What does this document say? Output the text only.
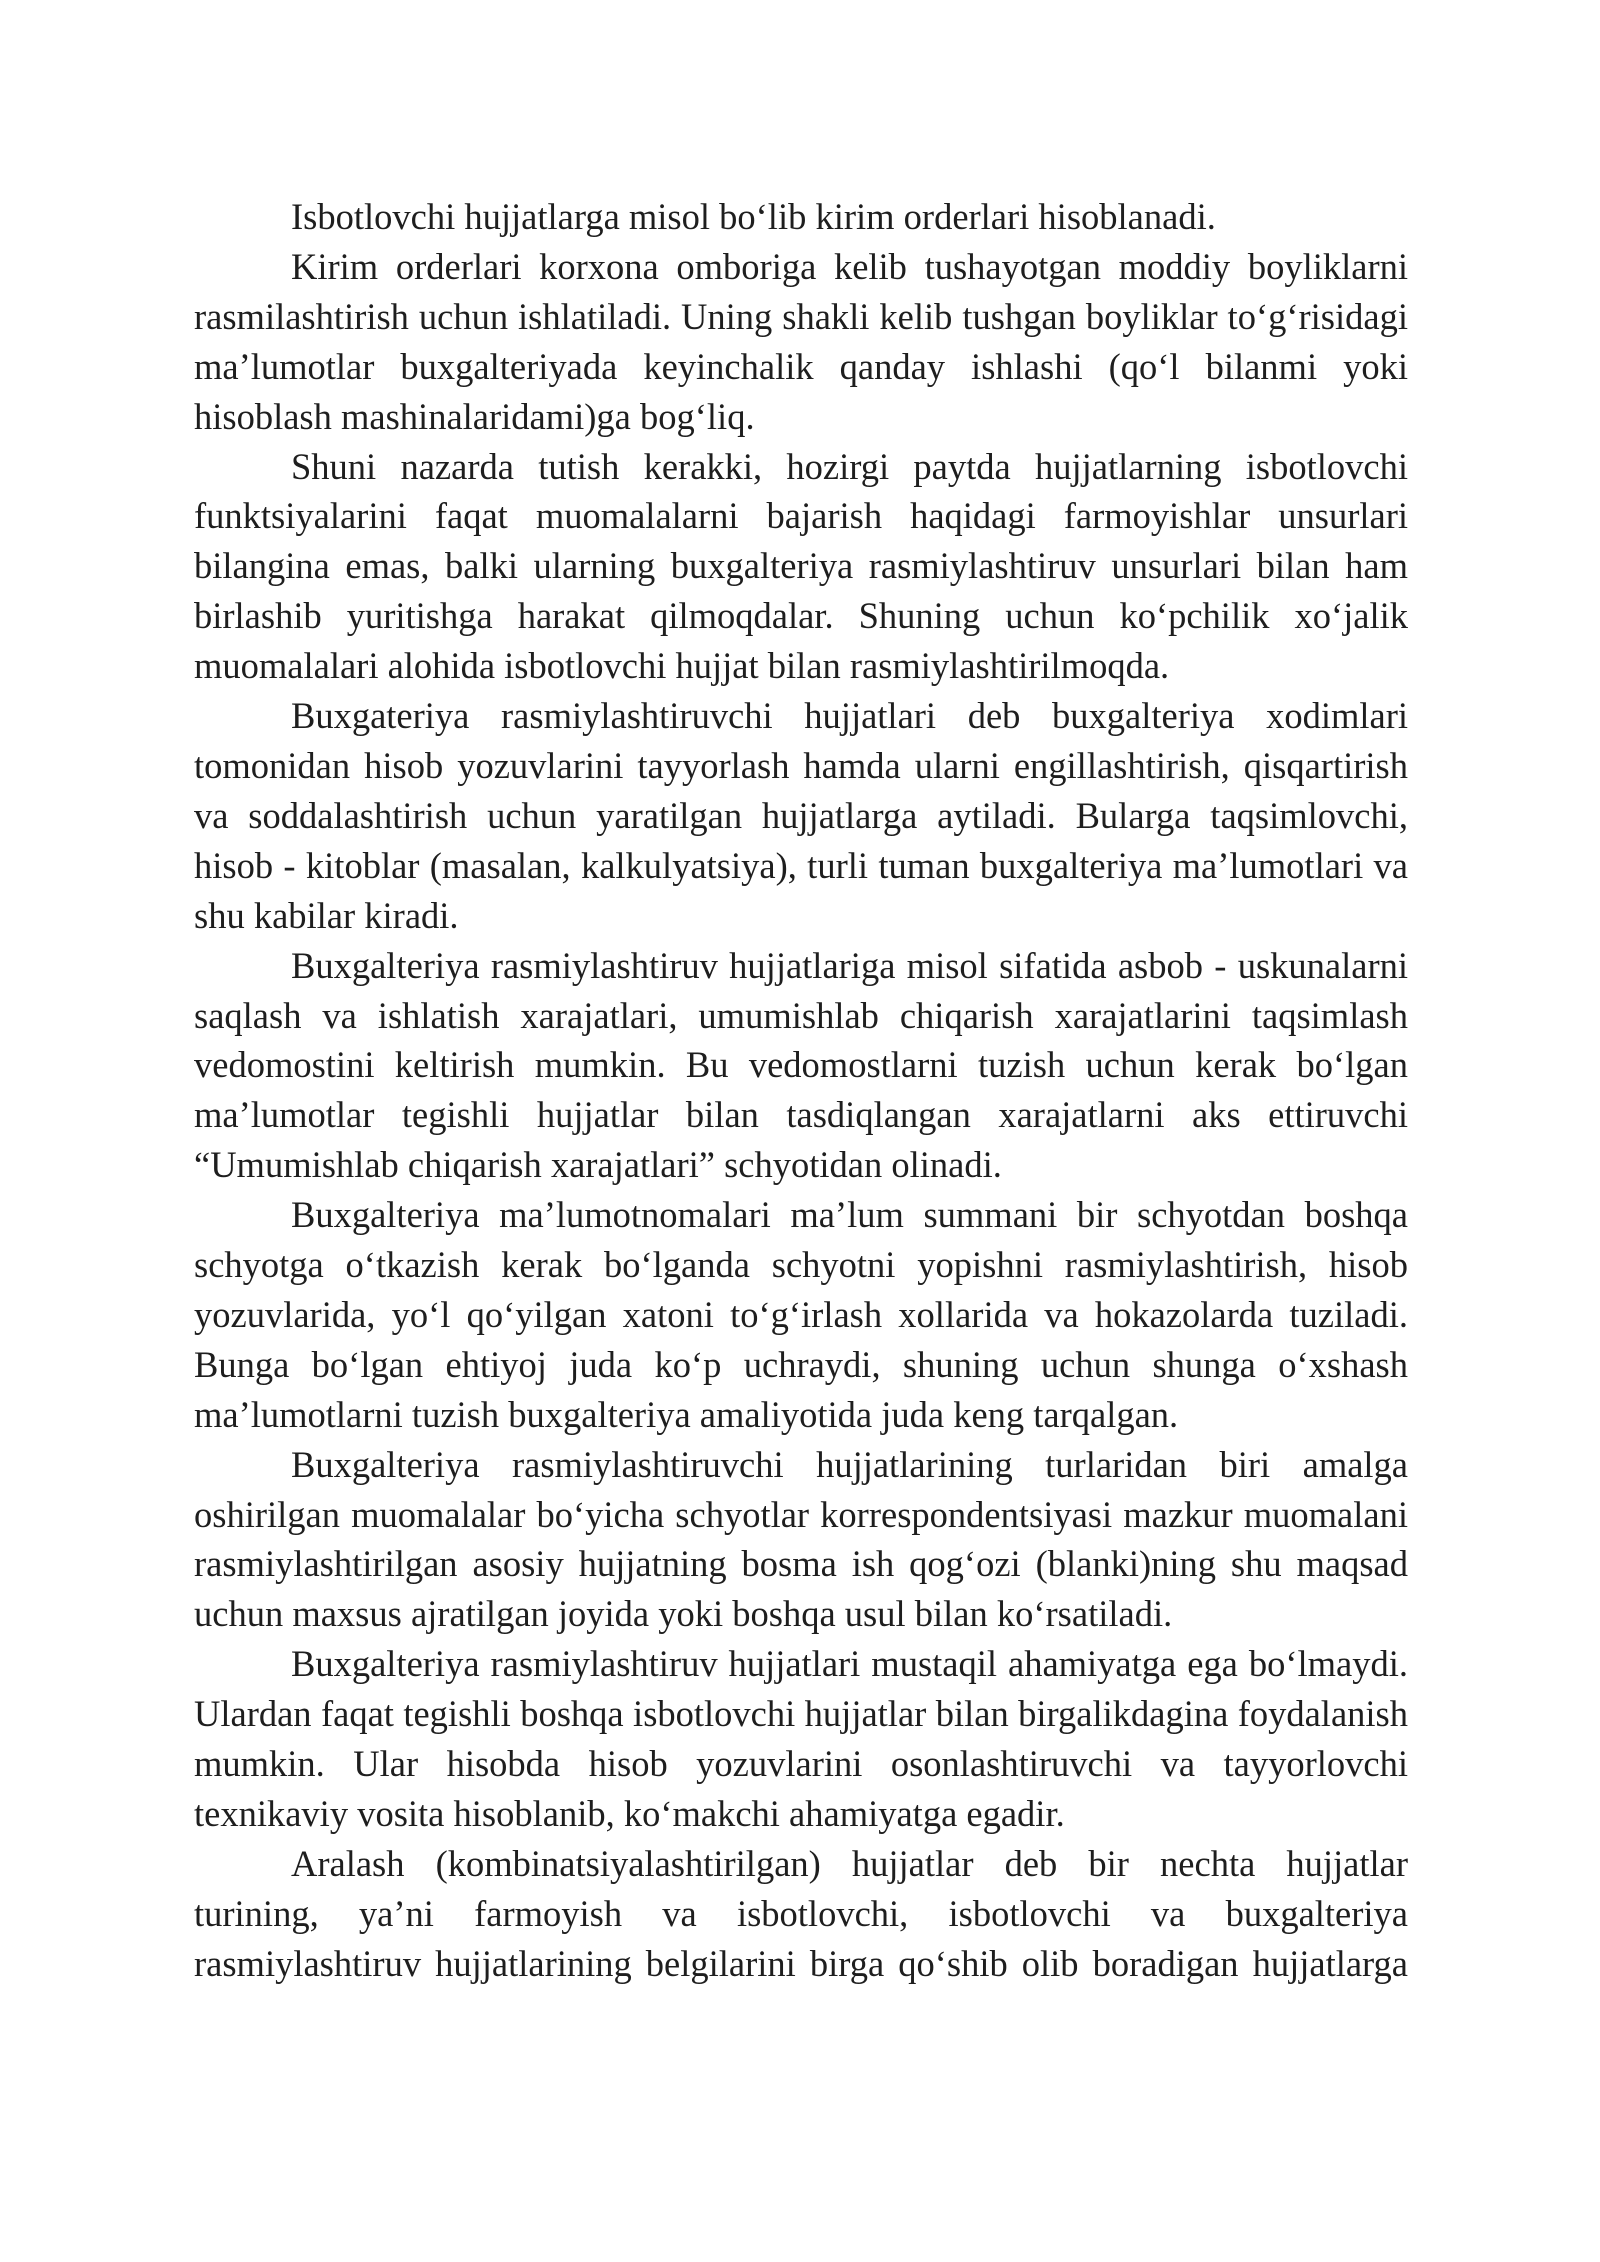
Isbotlovchi hujjatlarga misol bo‘lib kirim orderlari hisoblanadi.

Kirim orderlari korxona omboriga kelib tushayotgan moddiy boyliklarni rasmilashtirish uchun ishlatiladi. Uning shakli kelib tushgan boyliklar to‘g‘risidagi ma’lumotlar buxgalteriyada keyinchalik qanday ishlashi (qo‘l bilanmi yoki hisoblash mashinalaridami)ga bog‘liq.

Shuni nazarda tutish kerakki, hozirgi paytda hujjatlarning isbotlovchi funktsiyalarini faqat muomalalarni bajarish haqidagi farmoyishlar unsurlari bilangina emas, balki ularning buxgalteriya rasmiylashtiruv unsurlari bilan ham birlashib yuritishga harakat qilmoqdalar. Shuning uchun ko‘pchilik xo‘jalik muomalalari alohida isbotlovchi hujjat bilan rasmiylashtirilmoqda.

Buxgateriya rasmiylashtiruvchi hujjatlari deb buxgalteriya xodimlari tomonidan hisob yozuvlarini tayyorlash hamda ularni engillashtirish, qisqartirish va soddalashtirish uchun yaratilgan hujjatlarga aytiladi. Bularga taqsimlovchi, hisob - kitoblar (masalan, kalkulyatsiya), turli tuman buxgalteriya ma’lumotlari va shu kabilar kiradi.

Buxgalteriya rasmiylashtiruv hujjatlariga misol sifatida asbob - uskunalarni saqlash va ishlatish xarajatlari, umumishlab chiqarish xarajatlarini taqsimlash vedomostini keltirish mumkin. Bu vedomostlarni tuzish uchun kerak bo‘lgan ma’lumotlar tegishli hujjatlar bilan tasdiqlangan xarajatlarni aks ettiruvchi “Umumishlab chiqarish xarajatlari” schyotidan olinadi.

Buxgalteriya ma’lumotnomalari ma’lum summani bir schyotdan boshqa schyotga o‘tkazish kerak bo‘lganda schyotni yopishni rasmiylashtirish, hisob yozuvlarida, yo‘l qo‘yilgan xatoni to‘g‘irlash xollarida va hokazolarda tuziladi. Bunga bo‘lgan ehtiyoj juda ko‘p uchraydi, shuning uchun shunga o‘xshash ma’lumotlarni tuzish buxgalteriya amaliyotida juda keng tarqalgan.

Buxgalteriya rasmiylashtiruvchi hujjatlarining turlaridan biri amalga oshirilgan muomalalar bo‘yicha schyotlar korrespondentsiyasi mazkur muomalani rasmiylashtirilgan asosiy hujjatning bosma ish qog‘ozi (blanki)ning shu maqsad uchun maxsus ajratilgan joyida yoki boshqa usul bilan ko‘rsatiladi.

Buxgalteriya rasmiylashtiruv hujjatlari mustaqil ahamiyatga ega bo‘lmaydi. Ulardan faqat tegishli boshqa isbotlovchi hujjatlar bilan birgalikdagina foydalanish mumkin. Ular hisobda hisob yozuvlarini osonlashtiruvchi va tayyorlovchi texnikaviy vosita hisoblanib, ko‘makchi ahamiyatga egadir.

Aralash (kombinatsiyalashtirilgan) hujjatlar deb bir nechta hujjatlar turining, ya’ni farmoyish va isbotlovchi, isbotlovchi va buxgalteriya rasmiylashtiruv hujjatlarining belgilarini birga qo‘shib olib boradigan hujjatlarga
